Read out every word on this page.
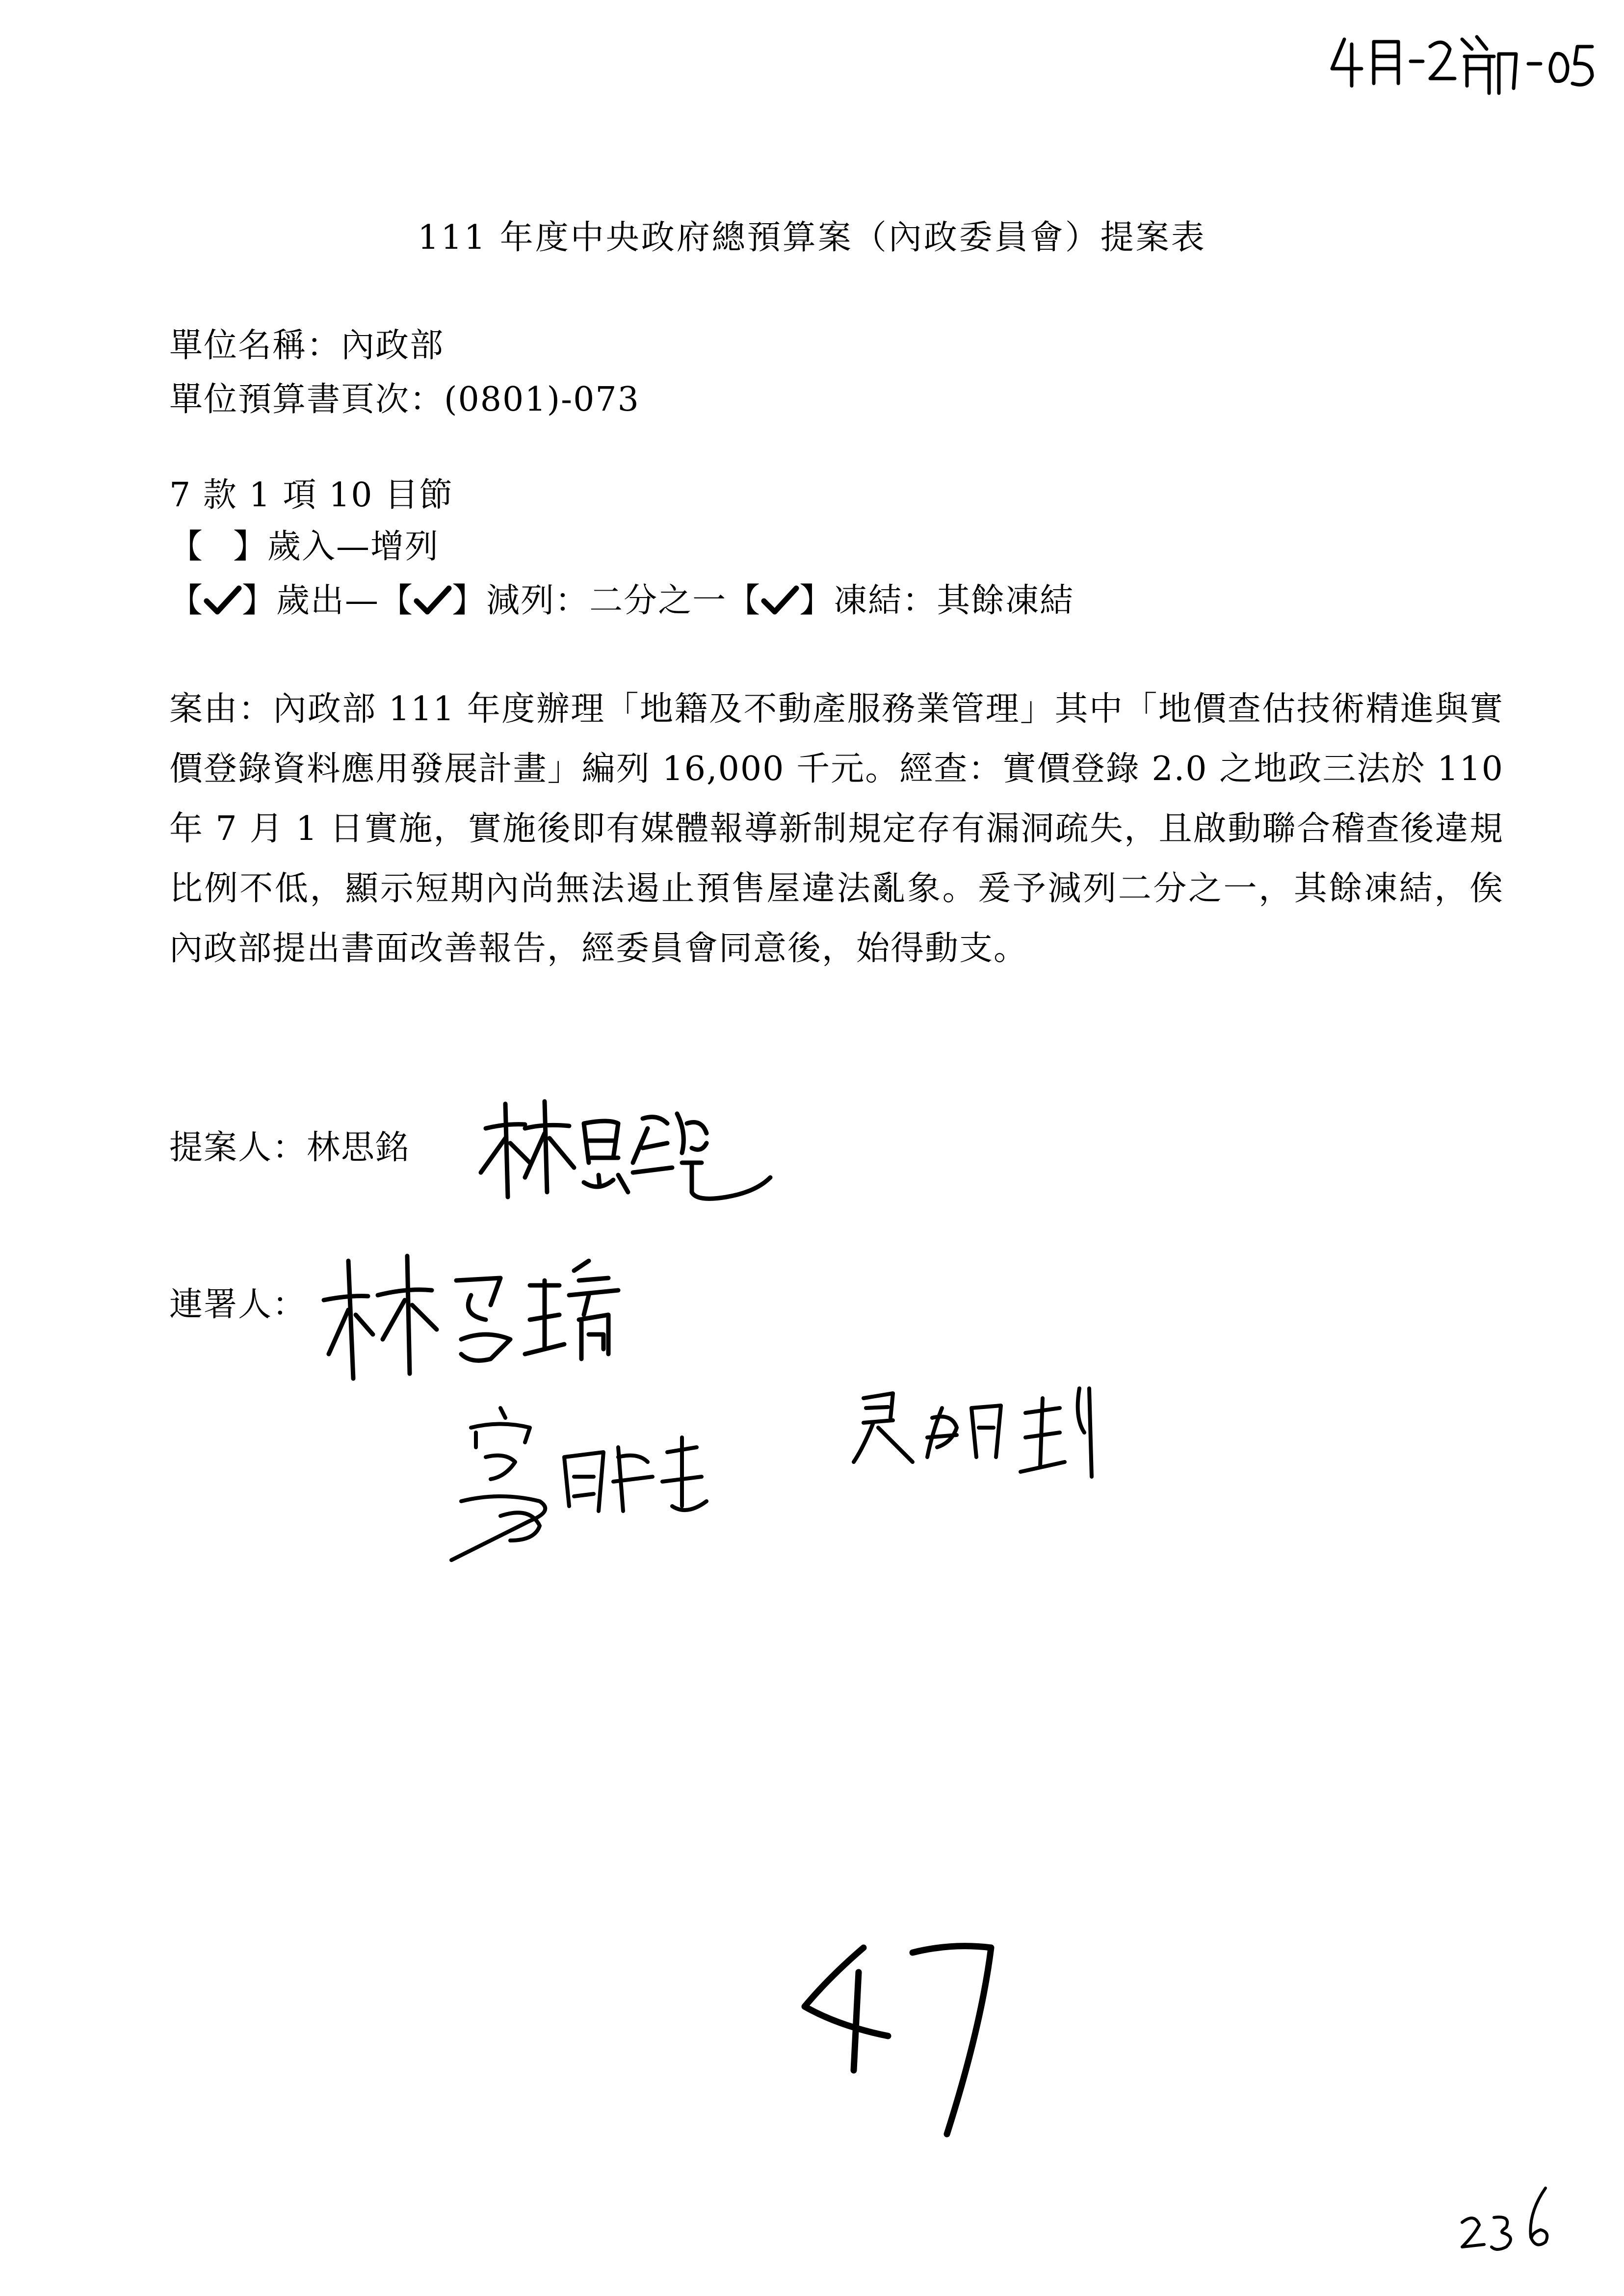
111 年度中央政府總預算案（內政委員會）提案表
單位名稱：內政部
單位預算書頁次：(0801)-073
7 款 1 項 10 目節
【 】歲入—增列
【 】歲出—【 】減列：二分之一【 】凍結：其餘凍結
案由：內政部 111 年度辦理「地籍及不動產服務業管理」其中「地價查估技術精進與實價登錄資料應用發展計畫」編列 16,000 千元。經查：實價登錄 2.0 之地政三法於 110 年 7 月 1 日實施，實施後即有媒體報導新制規定存有漏洞疏失，且啟動聯合稽查後違規比例不低，顯示短期內尚無法遏止預售屋違法亂象。爰予減列二分之一，其餘凍結，俟內政部提出書面改善報告，經委員會同意後，始得動支。
提案人：林思銘
連署人：
